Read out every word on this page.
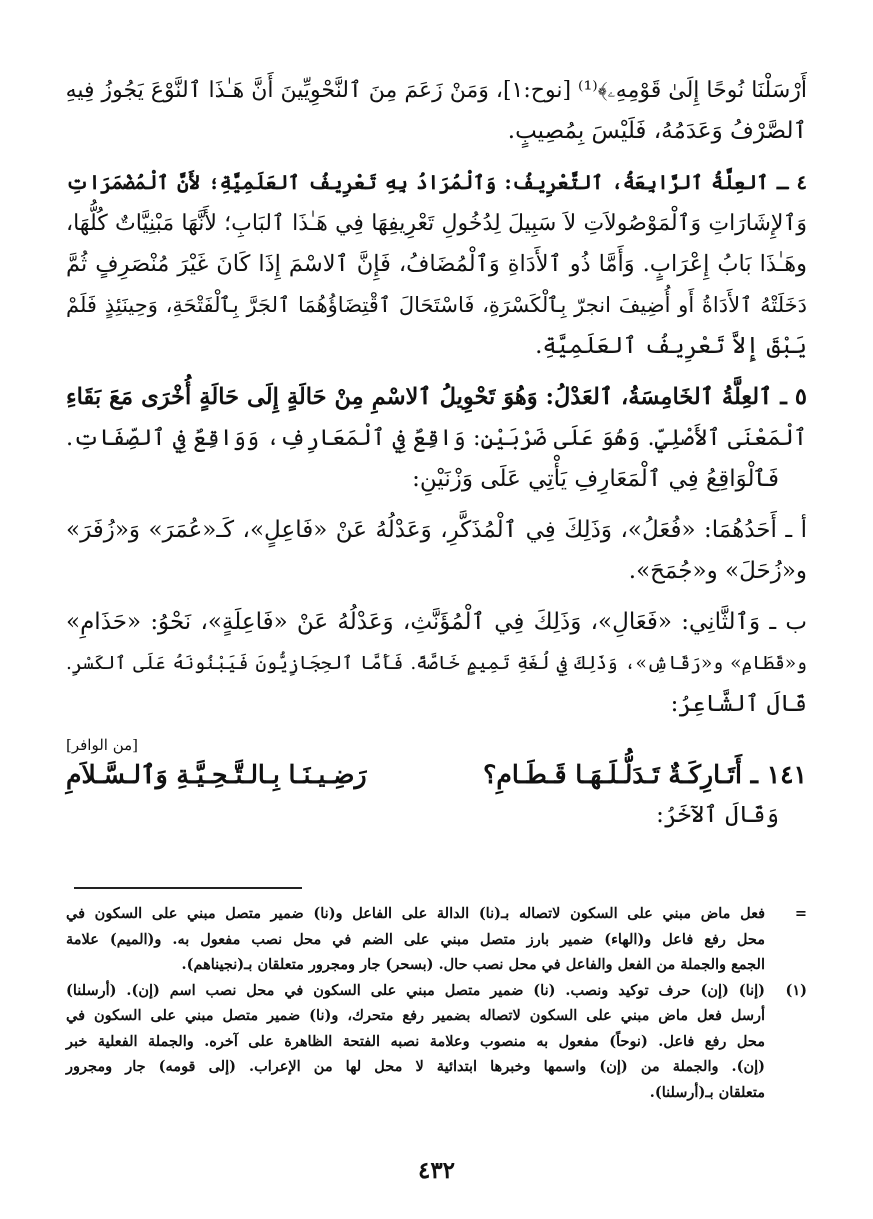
أَرْسَلْنَا نُوحًا إِلَىٰ قَوْمِهِۦ﴾⁽¹⁾ [نوح:١]، وَمَنْ زَعَمَ مِنَ ٱلنَّحْوِيِّينَ أَنَّ هَـٰذَا ٱلنَّوْعَ يَجُوزُ فِيهِ
ٱلصَّرْفُ وَعَدَمُهُ، فَلَيْسَ بِمُصِيبٍ.
٤ ـ ٱلعِلَّةُ ٱلرَّابِعَةُ، ٱلتَّعْرِيفُ: وَٱلْمُرَادُ بِهِ تَعْرِيفُ ٱلعَلَمِيَّةِ؛ لأَنَّ ٱلْمُضْمَرَاتِ
وَٱلإِشَارَاتِ وَٱلْمَوْصُولاَتِ لاَ سَبِيلَ لِدُخُولِ تَعْرِيفِهَا فِي هَـٰذَا ٱلبَابِ؛ لأَنَّهَا مَبْنِيَّاتٌ كُلُّهَا،
وهَـٰذَا بَابُ إِعْرَابٍ. وَأَمَّا ذُو ٱلأَدَاةِ وَٱلْمُضَافُ، فَإِنَّ ٱلاسْمَ إِذَا كَانَ غَيْرَ مُنْصَرِفٍ ثُمَّ
دَخَلَتْهُ ٱلأَدَاةُ أَو أُضِيفَ انجرّ بِٱلْكَسْرَةِ، فَاسْتَحَالَ ٱقْتِضَاؤُهُمَا ٱلجَرَّ بِٱلْفَتْحَةِ، وَحِينَئِذٍ فَلَمْ
يَبْقَ إِلاَّ تَعْرِيفُ ٱلعَلَمِيَّةِ.
٥ ـ ٱلعِلَّةُ ٱلخَامِسَةُ، ٱلعَدْلُ: وَهُوَ تَحْوِيلُ ٱلاسْمِ مِنْ حَالَةٍ إِلَى حَالَةٍ أُخْرَى مَعَ بَقَاءِ
ٱلْمَعْنَى ٱلأَصْلِيِّ. وَهُوَ عَلَى ضَرْبَيْنِ: وَاقِعٌ فِي ٱلْمَعَارِفِ، وَوَاقِعٌ فِي ٱلصِّفَاتِ.
فَٱلْوَاقِعُ فِي ٱلْمَعَارِفِ يَأْتِي عَلَى وَزْنَيْنِ:
أ ـ أَحَدُهُمَا: «فُعَلُ»، وَذَلِكَ فِي ٱلْمُذَكَّرِ، وَعَدْلُهُ عَنْ «فَاعِلٍ»، كَـ«عُمَرَ» وَ«زُفَرَ»
و«زُحَلَ» و«جُمَحَ».
ب ـ وَٱلثَّانِي: «فَعَالِ»، وَذَلِكَ فِي ٱلْمُؤَنَّثِ، وَعَدْلُهُ عَنْ «فَاعِلَةٍ»، نَحْوُ: «حَذَامِ»
و«قَطَامِ» و«رَقَاشِ»، وَذَلِكَ فِي لُغَةِ تَمِيمٍ خَاصَّةً. فَأَمَّا ٱلحِجَازِيُّونَ فَيَبْنُونَهُ عَلَى ٱلكَسْرِ.
قَالَ ٱلشَّاعِرُ:
[من الوافر]
١٤١ ـ أَتَـارِكَـةٌ تَـدَلُّـلَـهَـا قَـطَـامِ؟
رَضِـيـنَـا بِـالـتَّـحِـيَّـةِ وَٱلـسَّـلاَمِ
وَقَالَ ٱلآخَرُ:
=
فعل ماض مبني على السكون لاتصاله بـ(نا) الدالة على الفاعل و(نا) ضمير متصل مبني على السكون في
محل رفع فاعل و(الهاء) ضمير بارز متصل مبني على الضم في محل نصب مفعول به. و(الميم) علامة
الجمع والجملة من الفعل والفاعل في محل نصب حال. (بسحر) جار ومجرور متعلقان بـ(نجيناهم).
(١)
(إنا) (إن) حرف توكيد ونصب. (نا) ضمير متصل مبني على السكون في محل نصب اسم (إن). (أرسلنا)
أرسل فعل ماض مبني على السكون لاتصاله بضمير رفع متحرك، و(نا) ضمير متصل مبني على السكون في
محل رفع فاعل. (نوحاً) مفعول به منصوب وعلامة نصبه الفتحة الظاهرة على آخره. والجملة الفعلية خبر
(إن). والجملة من (إن) واسمها وخبرها ابتدائية لا محل لها من الإعراب. (إلى قومه) جار ومجرور
متعلقان بـ(أرسلنا).
٤٣٢
